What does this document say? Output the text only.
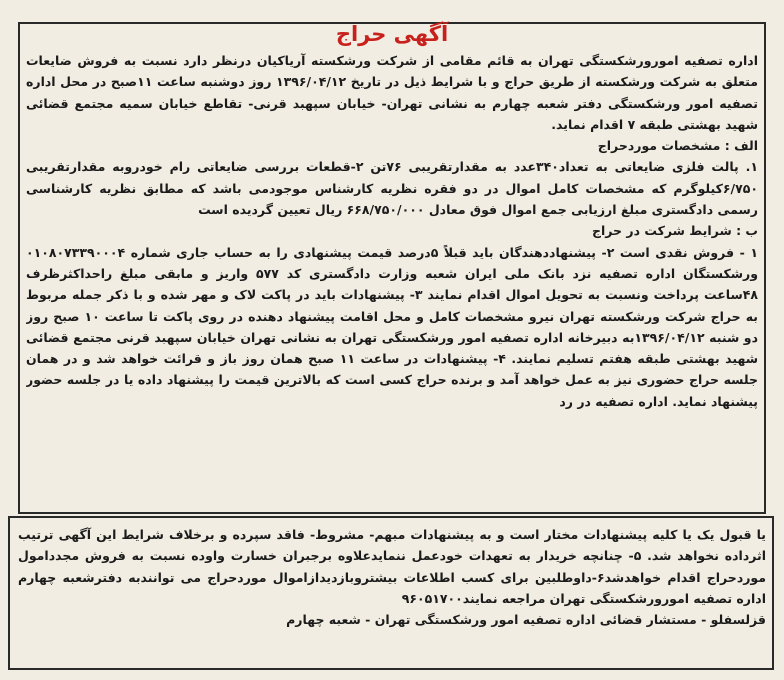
آگهی حراج

اداره تصفیه امورورشکستگی تهران به قائم مقامی از شرکت ورشکسته آریاکیان درنظر دارد نسبت به فروش ضایعات متعلق به شرکت ورشکسته از طریق حراج و با شرایط ذیل در تاریخ ۱۳۹۶/۰۴/۱۲ روز دوشنبه ساعت ۱۱صبح در محل اداره تصفیه امور ورشکستگی دفتر شعبه چهارم به نشانی تهران- خیابان سپهبد قرنی- تقاطع خیابان سمیه مجتمع قضائی شهید بهشتی طبقه ۷ اقدام نماید.

الف : مشخصات موردحراج

۱. پالت فلزی ضایعاتی به تعداد۳۴۰عدد به مقدارتقریبی ۷۶تن ۲-قطعات بررسی ضایعاتی رام خودروبه مقدارتقریبی ۶/۷۵۰کیلوگرم که مشخصات کامل اموال در دو فقره نظریه کارشناس موجودمی باشد که مطابق نظریه کارشناسی رسمی دادگستری مبلغ ارزیابی جمع اموال فوق معادل ۶۶۸/۷۵۰/۰۰۰ ریال تعیین گردیده است

ب : شرایط شرکت در حراج

۱ - فروش نقدی است ۲- پیشنهاددهندگان باید قبلاً ۵درصد قیمت پیشنهادی را به حساب جاری شماره ۰۱۰۸۰۷۳۳۹۰۰۰۴ ورشکستگان اداره تصفیه نزد بانک ملی ایران شعبه وزارت دادگستری کد ۵۷۷ واریز و مابقی مبلغ راحداکثرظرف ۴۸ساعت پرداخت ونسبت به تحویل اموال اقدام نمایند ۳- پیشنهادات باید در پاکت لاک و مهر شده و با ذکر جمله مربوط به حراج شرکت ورشکسته تهران نیرو مشخصات کامل و محل اقامت پیشنهاد دهنده در روی پاکت تا ساعت ۱۰ صبح روز دو شنبه ۱۳۹۶/۰۴/۱۲به دبیرخانه اداره تصفیه امور ورشکستگی تهران به نشانی تهران خیابان سپهبد قرنی مجتمع قضائی شهید بهشتی طبقه هفتم تسلیم نمایند. ۴- پیشنهادات در ساعت ۱۱ صبح همان روز باز و قرائت خواهد شد و در همان جلسه حراج حضوری نیز به عمل خواهد آمد و برنده حراج کسی است که بالاترین قیمت را پیشنهاد داده یا در جلسه حضور پیشنهاد نماید. اداره تصفیه در رد

یا قبول یک یا کلیه پیشنهادات مختار است و به پیشنهادات مبهم- مشروط- فاقد سپرده و برخلاف شرایط این آگهی ترتیب اثرداده نخواهد شد. ۵- چنانچه خریدار به تعهدات خودعمل ننمایدعلاوه برجبران خسارت واوده نسبت به فروش مجددامول موردحراج اقدام خواهدشد۶-داوطلبین برای کسب اطلاعات بیشتروبازدیدازاموال موردحراج می توانندبه دفترشعبه چهارم اداره تصفیه امورورشکستگی تهران مراجعه نمایند۹۶۰۵۱۷۰۰

قزلسفلو - مستشار قضائی اداره تصفیه امور ورشکستگی تهران - شعبه چهارم
